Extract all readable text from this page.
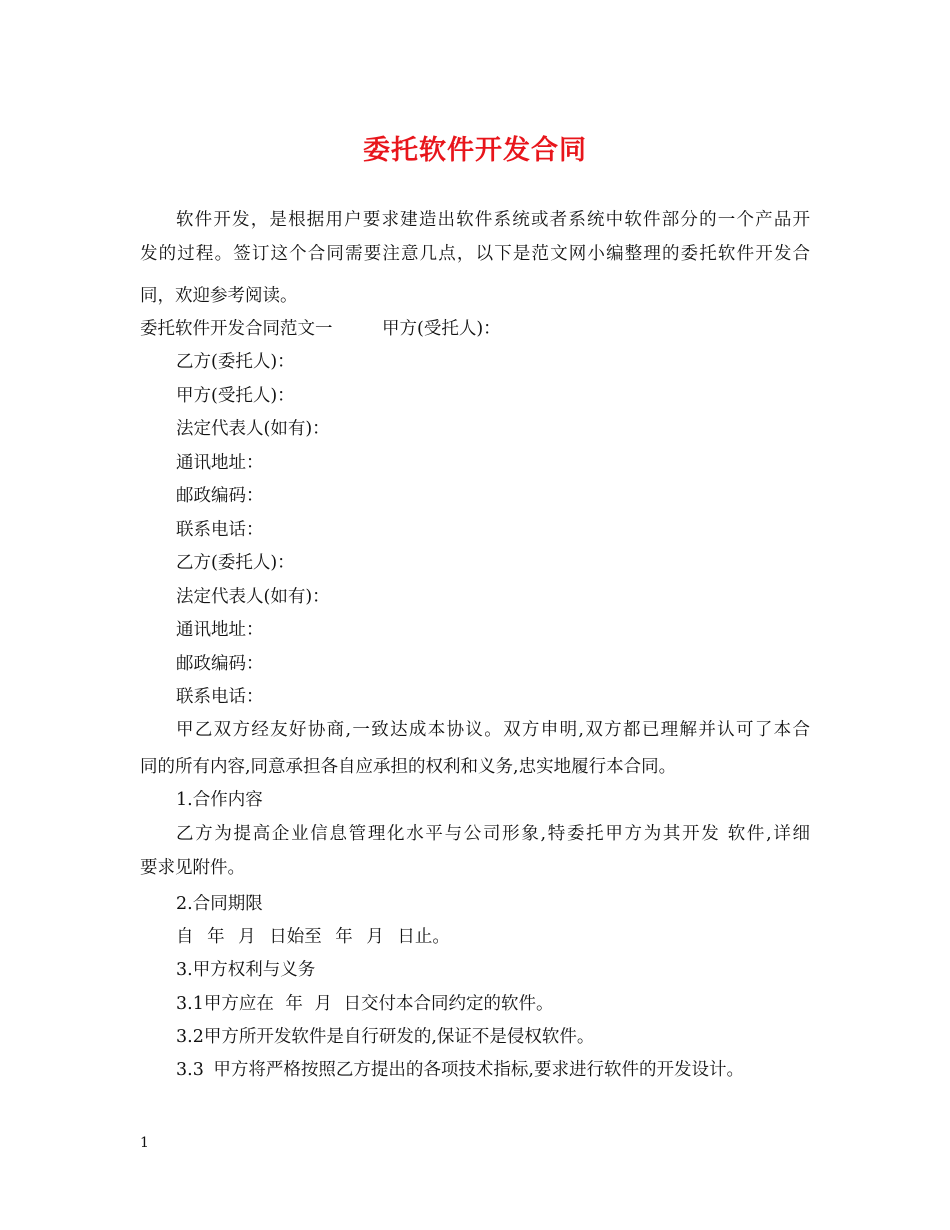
委托软件开发合同
软件开发，是根据用户要求建造出软件系统或者系统中软件部分的一个产品开
发的过程。签订这个合同需要注意几点，以下是范文网小编整理的委托软件开发合
同，欢迎参考阅读。
委托软件开发合同范文一	甲方(受托人)：
乙方(委托人)：
甲方(受托人)：
法定代表人(如有)：
通讯地址：
邮政编码：
联系电话：
乙方(委托人)：
法定代表人(如有)：
通讯地址：
邮政编码：
联系电话：
甲乙双方经友好协商,一致达成本协议。双方申明,双方都已理解并认可了本合
同的所有内容,同意承担各自应承担的权利和义务,忠实地履行本合同。
1.合作内容
乙方为提高企业信息管理化水平与公司形象,特委托甲方为其开发 软件,详细
要求见附件。
2.合同期限
自 年 月 日始至 年 月 日止。
3.甲方权利与义务
3.1甲方应在 年 月 日交付本合同约定的软件。
3.2甲方所开发软件是自行研发的,保证不是侵权软件。
3.3 甲方将严格按照乙方提出的各项技术指标,要求进行软件的开发设计。
1
